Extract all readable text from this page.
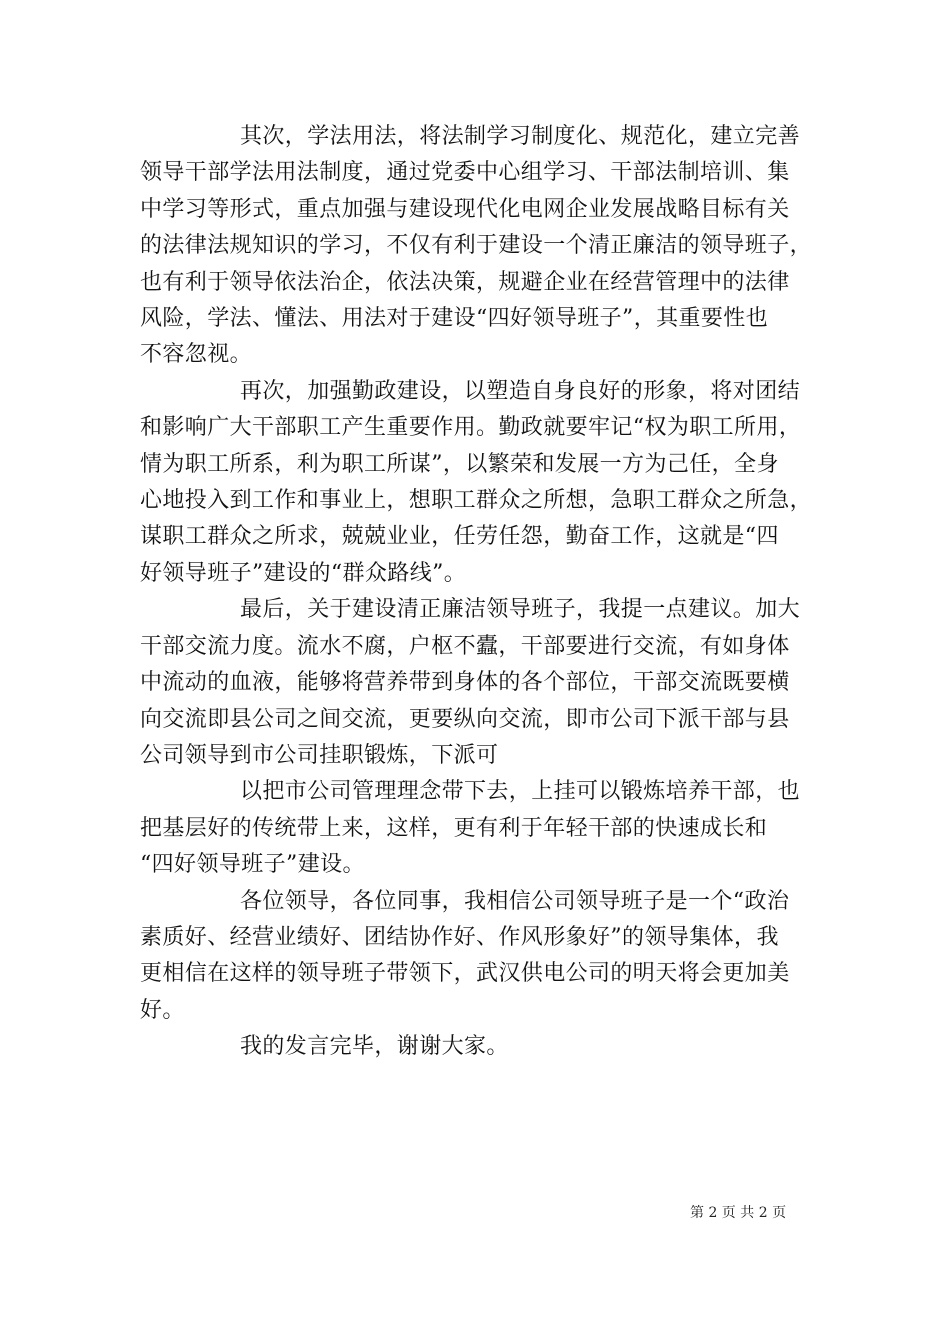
其次，学法用法，将法制学习制度化、规范化，建立完善
领导干部学法用法制度，通过党委中心组学习、干部法制培训、集
中学习等形式，重点加强与建设现代化电网企业发展战略目标有关
的法律法规知识的学习，不仅有利于建设一个清正廉洁的领导班子，
也有利于领导依法治企，依法决策，规避企业在经营管理中的法律
风险，学法、懂法、用法对于建设“四好领导班子”，其重要性也
不容忽视。

再次，加强勤政建设，以塑造自身良好的形象，将对团结
和影响广大干部职工产生重要作用。勤政就要牢记“权为职工所用，
情为职工所系，利为职工所谋”，以繁荣和发展一方为己任，全身
心地投入到工作和事业上，想职工群众之所想，急职工群众之所急，
谋职工群众之所求，兢兢业业，任劳任怨，勤奋工作，这就是“四
好领导班子”建设的“群众路线”。

最后，关于建设清正廉洁领导班子，我提一点建议。加大
干部交流力度。流水不腐，户枢不蠹，干部要进行交流，有如身体
中流动的血液，能够将营养带到身体的各个部位，干部交流既要横
向交流即县公司之间交流，更要纵向交流，即市公司下派干部与县
公司领导到市公司挂职锻炼，下派可

以把市公司管理理念带下去，上挂可以锻炼培养干部，也
把基层好的传统带上来，这样，更有利于年轻干部的快速成长和
“四好领导班子”建设。

各位领导，各位同事，我相信公司领导班子是一个“政治
素质好、经营业绩好、团结协作好、作风形象好”的领导集体，我
更相信在这样的领导班子带领下，武汉供电公司的明天将会更加美
好。

我的发言完毕，谢谢大家。

第 2 页 共 2 页
